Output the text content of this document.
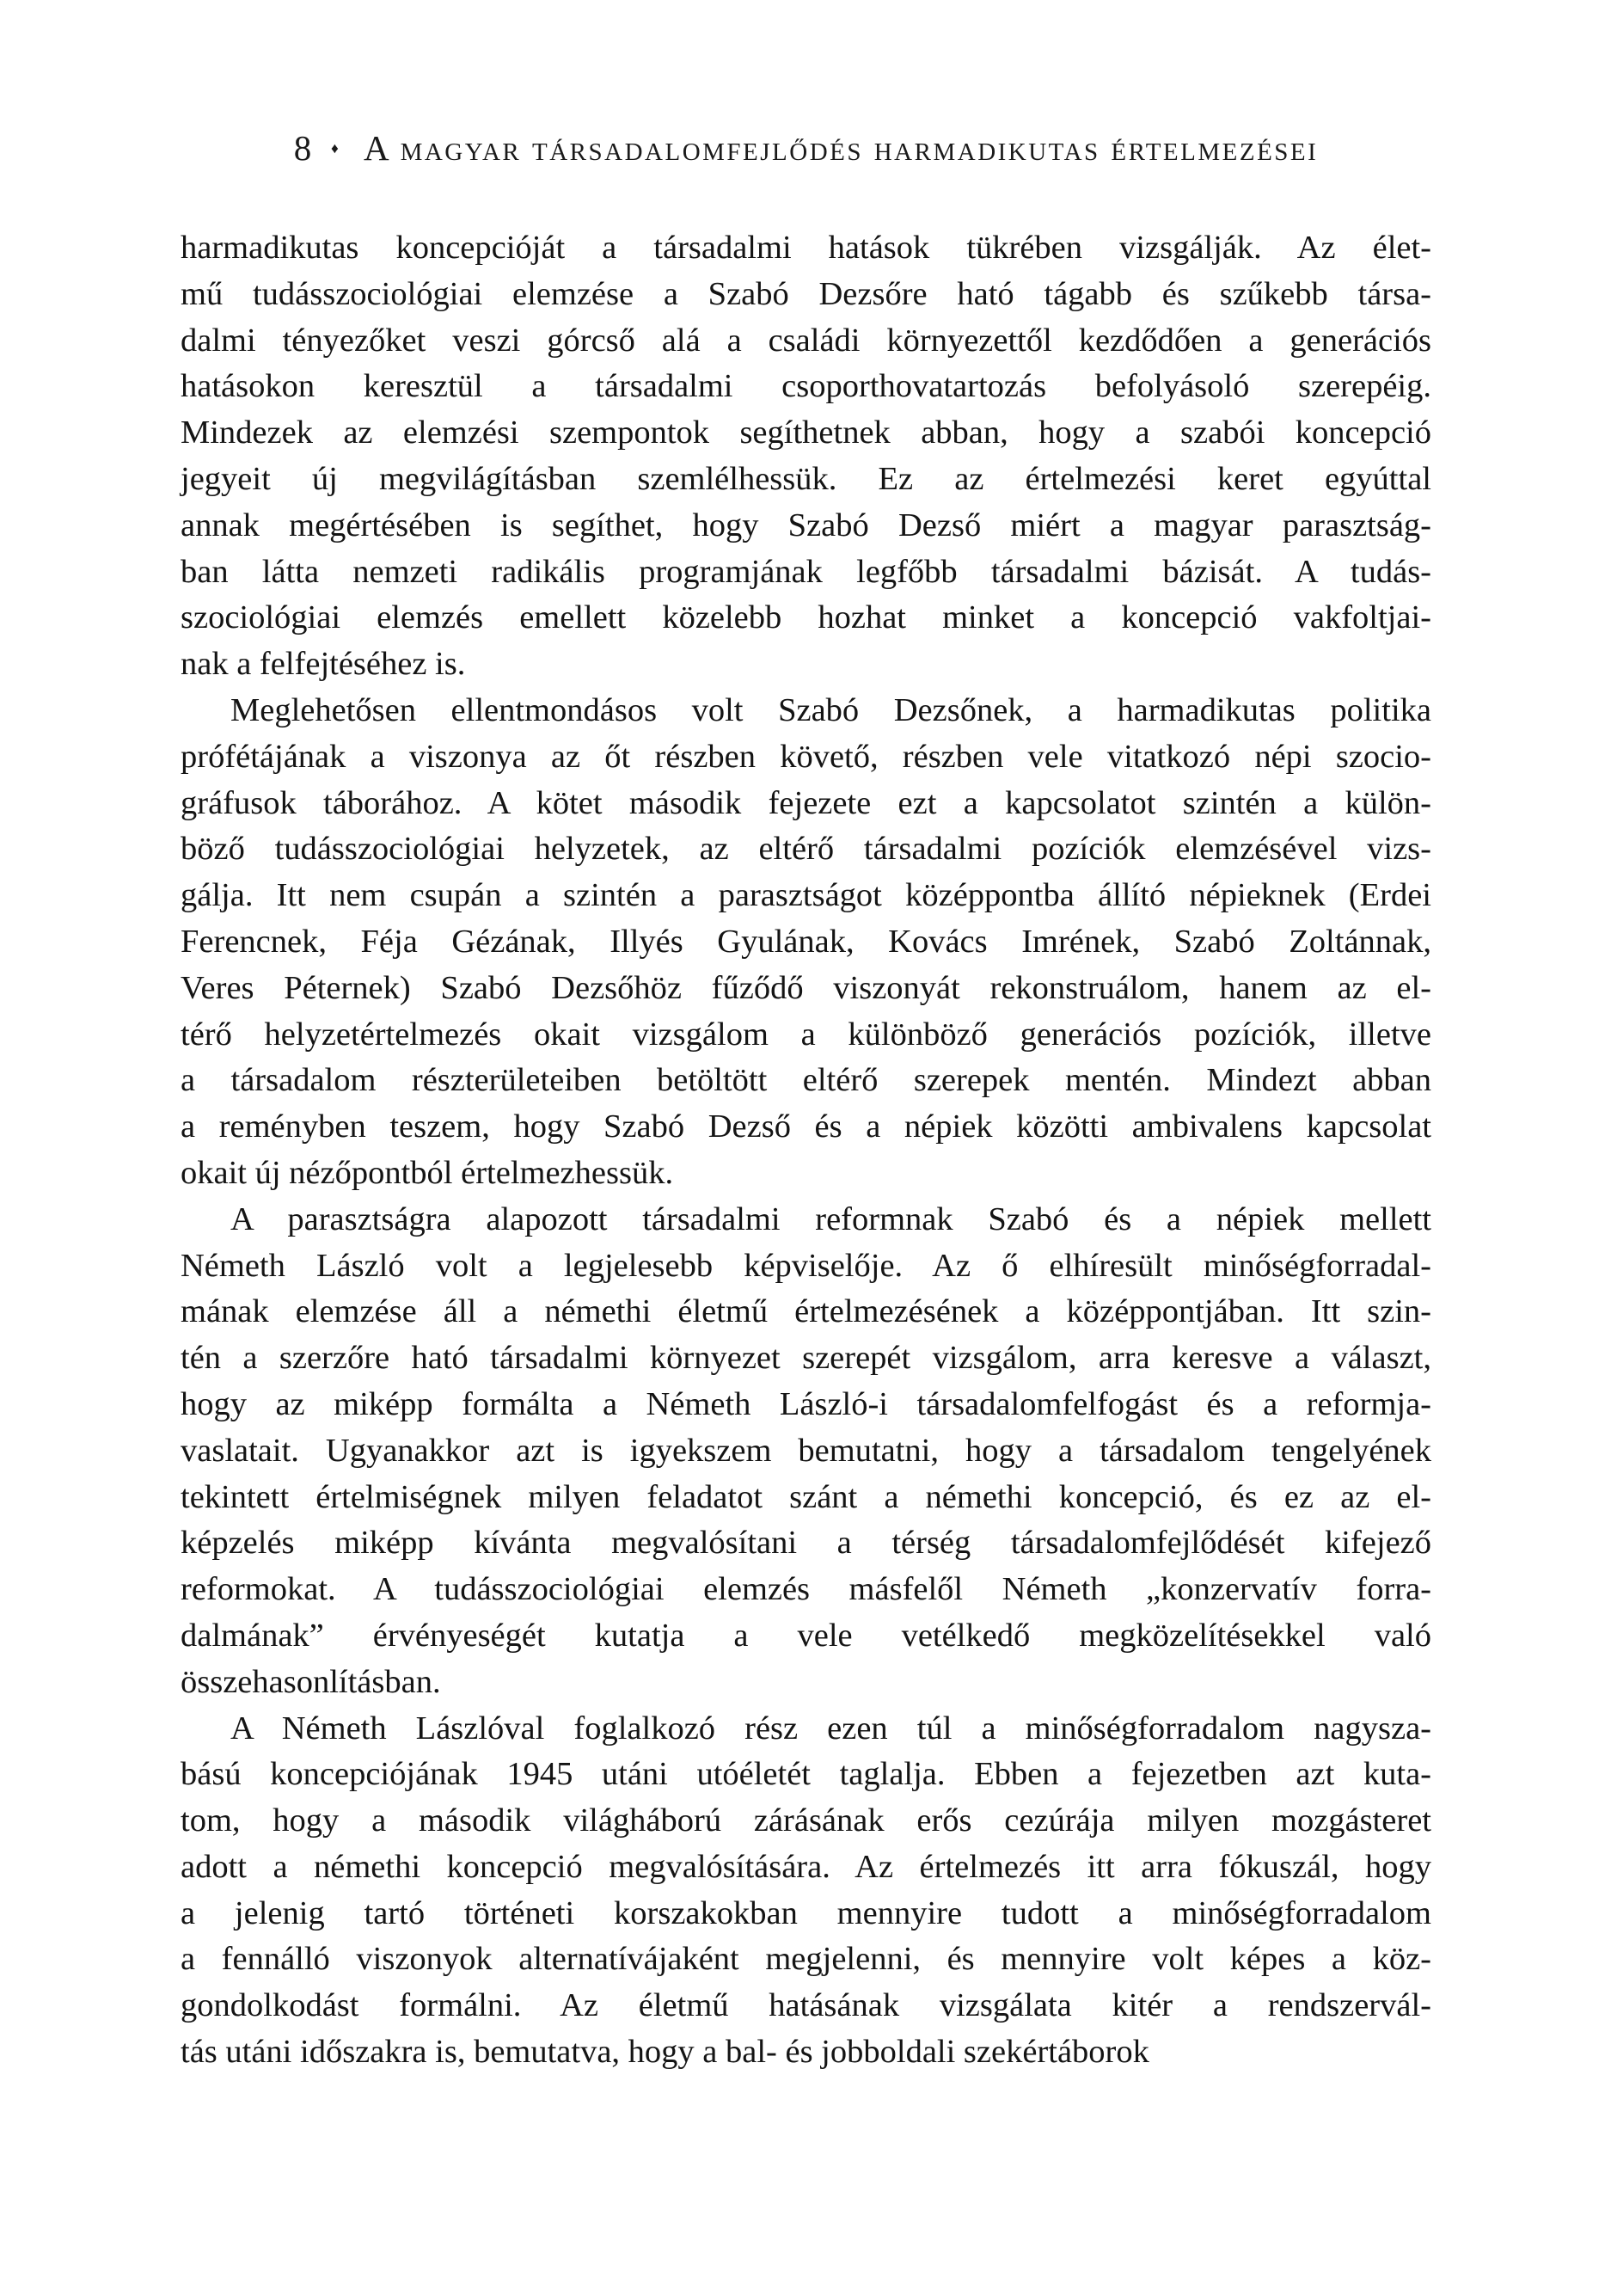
8 ♦ A magyar társadalomfejlődés harmadikutas értelmezései
harmadikutas koncepcióját a társadalmi hatások tükrében vizsgálják. Az élet-
mű tudásszociológiai elemzése a Szabó Dezsőre ható tágabb és szűkebb társa-
dalmi tényezőket veszi górcső alá a családi környezettől kezdődően a generációs
hatásokon keresztül a társadalmi csoporthovatartozás befolyásoló szerepéig.
Mindezek az elemzési szempontok segíthetnek abban, hogy a szabói koncepció
jegyeit új megvilágításban szemlélhessük. Ez az értelmezési keret egyúttal
annak megértésében is segíthet, hogy Szabó Dezső miért a magyar parasztság-
ban látta nemzeti radikális programjának legfőbb társadalmi bázisát. A tudás-
szociológiai elemzés emellett közelebb hozhat minket a koncepció vakfoltjai-
nak a felfejtéséhez is.
Meglehetősen ellentmondásos volt Szabó Dezsőnek, a harmadikutas politika
prófétájának a viszonya az őt részben követő, részben vele vitatkozó népi szocio-
gráfusok táborához. A kötet második fejezete ezt a kapcsolatot szintén a külön-
böző tudásszociológiai helyzetek, az eltérő társadalmi pozíciók elemzésével vizs-
gálja. Itt nem csupán a szintén a parasztságot középpontba állító népieknek (Erdei
Ferencnek, Féja Gézának, Illyés Gyulának, Kovács Imrének, Szabó Zoltánnak,
Veres Péternek) Szabó Dezsőhöz fűződő viszonyát rekonstruálom, hanem az el-
térő helyzetértelmezés okait vizsgálom a különböző generációs pozíciók, illetve
a társadalom részterületeiben betöltött eltérő szerepek mentén. Mindezt abban
a reményben teszem, hogy Szabó Dezső és a népiek közötti ambivalens kapcsolat
okait új nézőpontból értelmezhessük.
A parasztságra alapozott társadalmi reformnak Szabó és a népiek mellett
Németh László volt a legjelesebb képviselője. Az ő elhíresült minőségforradal-
mának elemzése áll a némethi életmű értelmezésének a középpontjában. Itt szin-
tén a szerzőre ható társadalmi környezet szerepét vizsgálom, arra keresve a választ,
hogy az miképp formálta a Németh László-i társadalomfelfogást és a reformja-
vaslatait. Ugyanakkor azt is igyekszem bemutatni, hogy a társadalom tengelyének
tekintett értelmiségnek milyen feladatot szánt a némethi koncepció, és ez az el-
képzelés miképp kívánta megvalósítani a térség társadalomfejlődését kifejező
reformokat. A tudásszociológiai elemzés másfelől Németh „konzervatív forra-
dalmának” érvényeségét kutatja a vele vetélkedő megközelítésekkel való
összehasonlításban.
A Németh Lászlóval foglalkozó rész ezen túl a minőségforradalom nagysza-
bású koncepciójának 1945 utáni utóéletét taglalja. Ebben a fejezetben azt kuta-
tom, hogy a második világháború zárásának erős cezúrája milyen mozgásteret
adott a némethi koncepció megvalósítására. Az értelmezés itt arra fókuszál, hogy
a jelenig tartó történeti korszakokban mennyire tudott a minőségforradalom
a fennálló viszonyok alternatívájaként megjelenni, és mennyire volt képes a köz-
gondolkodást formálni. Az életmű hatásának vizsgálata kitér a rendszervál-
tás utáni időszakra is, bemutatva, hogy a bal- és jobboldali szekértáborok
